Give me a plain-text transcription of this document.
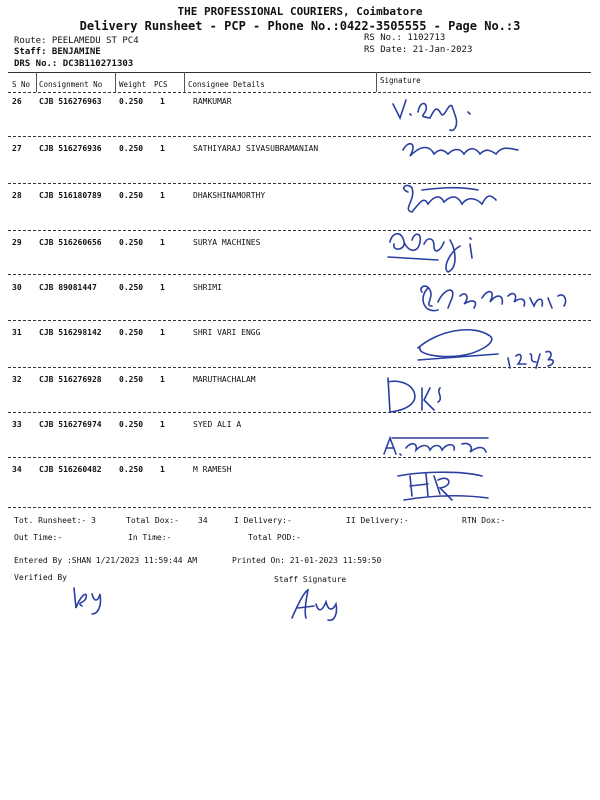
THE PROFESSIONAL COURIERS, Coimbatore
Delivery Runsheet - PCP - Phone No.:0422-3505555 - Page No.:3
Route: PEELAMEDU ST PC4
Staff: BENJAMINE
DRS No.: DC3B110271303
RS No.: 1102713
RS Date: 21-Jan-2023
S No Consignment No Weight PCS	Consignee Details	Signature
26 CJB 516276963 0.250 1	RAMKUMAR
27 CJB 516276936 0.250 1	SATHIYARAJ SIVASUBRAMANIAN
28 CJB 516180789 0.250 1	DHAKSHINAMORTHY
29 CJB 516260656 0.250 1	SURYA MACHINES
30 CJB 89081447	0.250 1	SHRIMI
31 CJB 516298142 0.250 1	SHRI VARI ENGG
32 CJB 516276928 0.250 1	MARUTHACHALAM
33 CJB 516276974 0.250 1	SYED ALI A
34 CJB 516260482 0.250 1	M RAMESH
Tot. Runsheet:- 3	Total Dox:- 34	I Delivery:-	II Delivery:-	RTN Dox:-
Out Time:-	In Time:-	Total POD:-
Entered By :SHAN 1/21/2023 11:59:44 AM	Printed On: 21-01-2023 11:59:50
Verified By	Staff Signature
